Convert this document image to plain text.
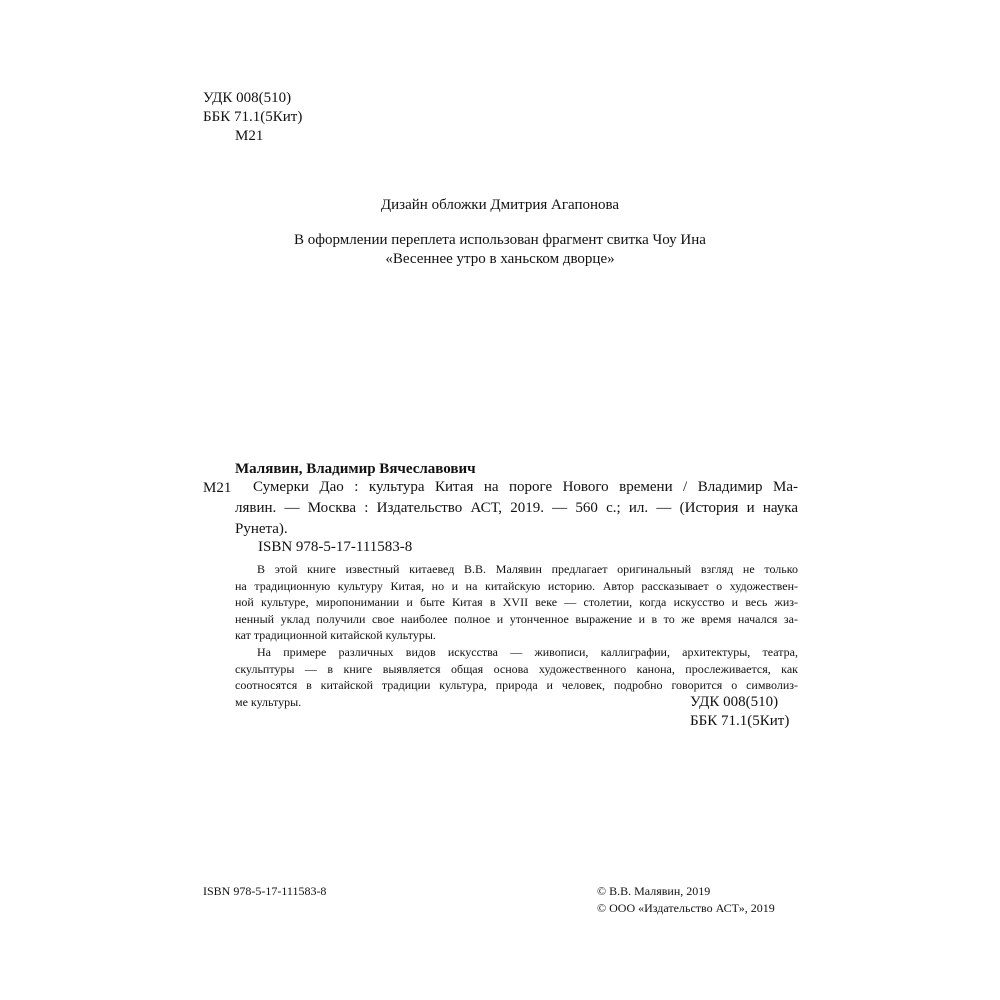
УДК 008(510)
ББК 71.1(5Кит)
М21
Дизайн обложки Дмитрия Агапонова
В оформлении переплета использован фрагмент свитка Чоу Ина
«Весеннее утро в ханьском дворце»
Малявин, Владимир Вячеславович
М21	Сумерки Дао : культура Китая на пороге Нового времени / Владимир Ма-
лявин. — Москва : Издательство АСТ, 2019. — 560 с.; ил. — (История и наука
Рунета).
ISBN 978-5-17-111583-8

В этой книге известный китаевед В.В. Малявин предлагает оригинальный взгляд не только
на традиционную культуру Китая, но и на китайскую историю. Автор рассказывает о художествен-
ной культуре, миропонимании и быте Китая в XVII веке — столетии, когда искусство и весь жиз-
ненный уклад получили свое наиболее полное и утонченное выражение и в то же время начался за-
кат традиционной китайской культуры.

На примере различных видов искусства — живописи, каллиграфии, архитектуры, театра,
скульптуры — в книге выявляется общая основа художественного канона, прослеживается, как
соотносятся в китайской традиции культура, природа и человек, подробно говорится о символиз-
ме культуры.	УДК 008(510)
ББК 71.1(5Кит)
ISBN 978-5-17-111583-8	© В.В. Малявин, 2019
© ООО «Издательство АСТ», 2019
